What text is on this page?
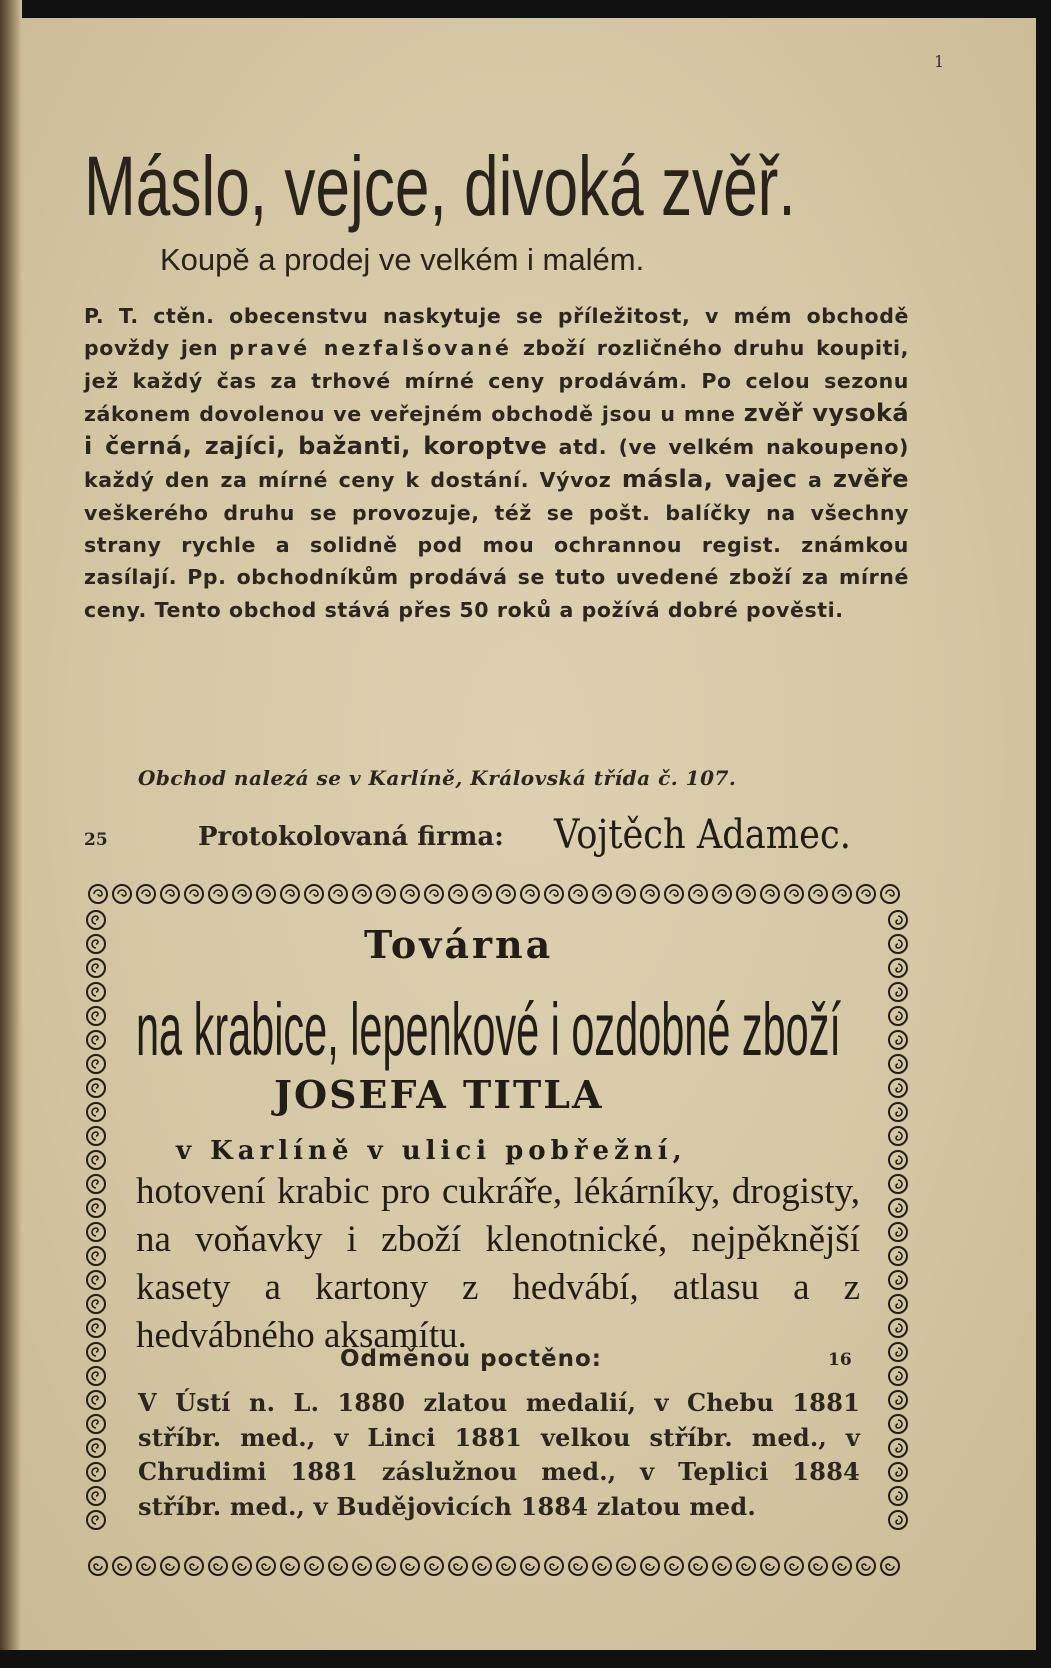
1
Máslo, vejce, divoká zvěř.
Koupě a prodej ve velkém i malém.
P. T. ctěn. obecenstvu naskytuje se příležitost, v mém obchodě povždy jen pravé nezfalšované zboží rozličného druhu koupiti, jež každý čas za trhové mírné ceny prodávám. Po celou sezonu zákonem dovolenou ve veřejném obchodě jsou u mne zvěř vysoká i černá, zajíci, bažanti, koroptve atd. (ve velkém nakoupeno) každý den za mírné ceny k dostání. Vývoz másla, vajec a zvěře veškerého druhu se provozuje, též se pošt. balíčky na všechny strany rychle a solidně pod mou ochrannou regist. známkou zasílají. Pp. obchodníkům prodává se tuto uvedené zboží za mírné ceny. Tento obchod stává přes 50 roků a požívá dobré pověsti.
Obchod nalezá se v Karlíně, Královská třída č. 107.
25	Protokolovaná firma: Vojtěch Adamec.
Továrna
na krabice, lepenkové i ozdobné zboží
JOSEFA TITLA
v Karlíně v ulici pobřežní,
hotovení krabic pro cukráře, lékárníky, drogisty, na voňavky i zboží klenotnické, nejpěknější kasety a kartony z hedvábí, atlasu a z hedvábného aksamítu.
Odměnou poctěno:	16
V Ústí n. L. 1880 zlatou medalií, v Chebu 1881 stříbr. med., v Linci 1881 velkou stříbr. med., v Chrudimi 1881 záslužnou med., v Teplici 1884 stříbr. med., v Budějovicích 1884 zlatou med.
